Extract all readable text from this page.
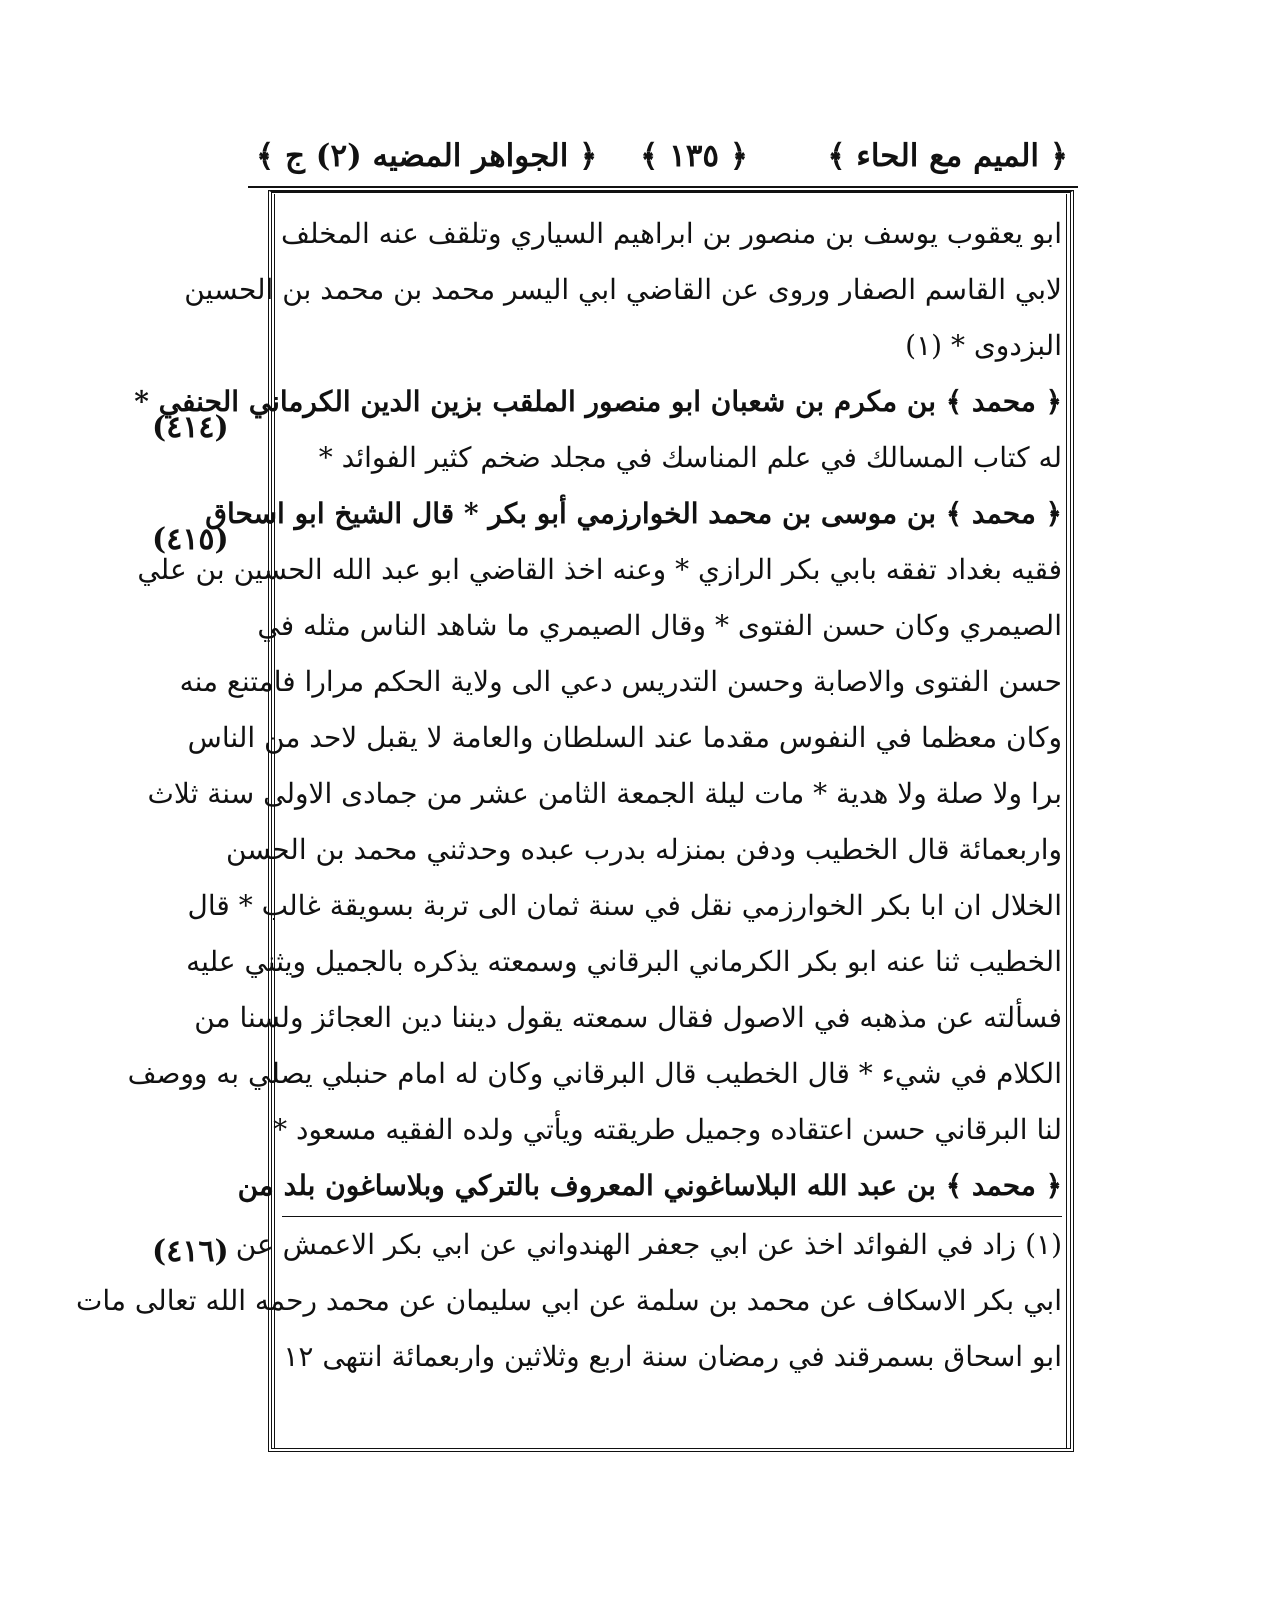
﴿ الميم مع الحاء ﴾
﴿ ١٣٥ ﴾
﴿ الجواهر المضيه (٢) ج ﴾
(٤١٤)
(٤١٥)
(٤١٦)
ابو يعقوب يوسف بن منصور بن ابراهيم السياري وتلقف عنه المخلف
لابي القاسم الصفار وروى عن القاضي ابي اليسر محمد بن محمد بن الحسين
البزدوى * (١)
﴿ محمد ﴾ بن مكرم بن شعبان ابو منصور الملقب بزين الدين الكرماني الحنفي *
له كتاب المسالك في علم المناسك في مجلد ضخم كثير الفوائد *
﴿ محمد ﴾ بن موسى بن محمد الخوارزمي أبو بكر * قال الشيخ ابو اسحاق
فقيه بغداد تفقه بابي بكر الرازي * وعنه اخذ القاضي ابو عبد الله الحسين بن علي
الصيمري وكان حسن الفتوى * وقال الصيمري ما شاهد الناس مثله في
حسن الفتوى والاصابة وحسن التدريس دعي الى ولاية الحكم مرارا فامتنع منه
وكان معظما في النفوس مقدما عند السلطان والعامة لا يقبل لاحد من الناس
برا ولا صلة ولا هدية * مات ليلة الجمعة الثامن عشر من جمادى الاولى سنة ثلاث
واربعمائة قال الخطيب ودفن بمنزله بدرب عبده وحدثني محمد بن الحسن
الخلال ان ابا بكر الخوارزمي نقل في سنة ثمان الى تربة بسويقة غالب * قال
الخطيب ثنا عنه ابو بكر الكرماني البرقاني وسمعته يذكره بالجميل ويثني عليه
فسألته عن مذهبه في الاصول فقال سمعته يقول ديننا دين العجائز ولسنا من
الكلام في شيء * قال الخطيب قال البرقاني وكان له امام حنبلي يصلي به ووصف
لنا البرقاني حسن اعتقاده وجميل طريقته ويأتي ولده الفقيه مسعود *
﴿ محمد ﴾ بن عبد الله البلاساغوني المعروف بالتركي وبلاساغون بلد من
(١) زاد في الفوائد اخذ عن ابي جعفر الهندواني عن ابي بكر الاعمش عن
ابي بكر الاسكاف عن محمد بن سلمة عن ابي سليمان عن محمد رحمه الله تعالى مات
ابو اسحاق بسمرقند في رمضان سنة اربع وثلاثين واربعمائة انتهى ١٢
